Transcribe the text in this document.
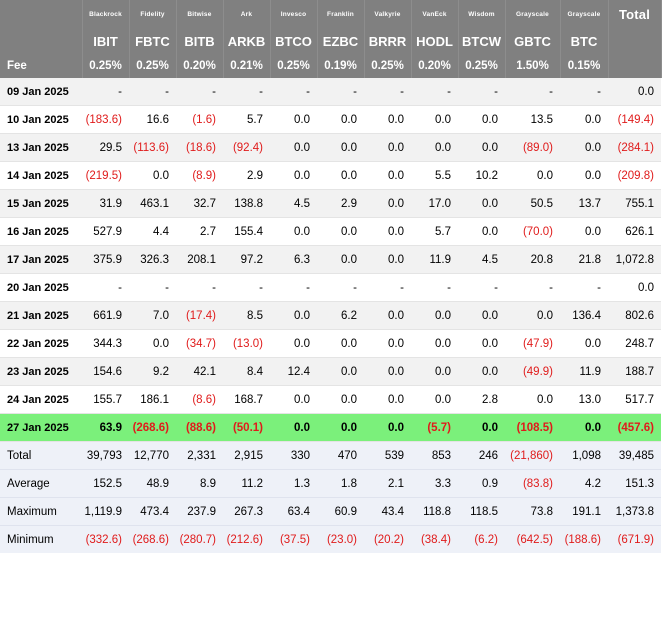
	Blackrock	Fidelity	Bitwise	Ark	Invesco	Franklin	Valkyrie	VanEck	Wisdom	Grayscale	Grayscale	Total
	IBIT	FBTC	BITB	ARKB	BTCO	EZBC	BRRR	HODL	BTCW	GBTC	BTC	
Fee	0.25%	0.25%	0.20%	0.21%	0.25%	0.19%	0.25%	0.20%	0.25%	1.50%	0.15%	
09 Jan 2025	-	-	-	-	-	-	-	-	-	-	-	0.0
10 Jan 2025	(183.6)	16.6	(1.6)	5.7	0.0	0.0	0.0	0.0	0.0	13.5	0.0	(149.4)
13 Jan 2025	29.5	(113.6)	(18.6)	(92.4)	0.0	0.0	0.0	0.0	0.0	(89.0)	0.0	(284.1)
14 Jan 2025	(219.5)	0.0	(8.9)	2.9	0.0	0.0	0.0	5.5	10.2	0.0	0.0	(209.8)
15 Jan 2025	31.9	463.1	32.7	138.8	4.5	2.9	0.0	17.0	0.0	50.5	13.7	755.1
16 Jan 2025	527.9	4.4	2.7	155.4	0.0	0.0	0.0	5.7	0.0	(70.0)	0.0	626.1
17 Jan 2025	375.9	326.3	208.1	97.2	6.3	0.0	0.0	11.9	4.5	20.8	21.8	1,072.8
20 Jan 2025	-	-	-	-	-	-	-	-	-	-	-	0.0
21 Jan 2025	661.9	7.0	(17.4)	8.5	0.0	6.2	0.0	0.0	0.0	0.0	136.4	802.6
22 Jan 2025	344.3	0.0	(34.7)	(13.0)	0.0	0.0	0.0	0.0	0.0	(47.9)	0.0	248.7
23 Jan 2025	154.6	9.2	42.1	8.4	12.4	0.0	0.0	0.0	0.0	(49.9)	11.9	188.7
24 Jan 2025	155.7	186.1	(8.6)	168.7	0.0	0.0	0.0	0.0	2.8	0.0	13.0	517.7
27 Jan 2025	63.9	(268.6)	(88.6)	(50.1)	0.0	0.0	0.0	(5.7)	0.0	(108.5)	0.0	(457.6)
Total	39,793	12,770	2,331	2,915	330	470	539	853	246	(21,860)	1,098	39,485
Average	152.5	48.9	8.9	11.2	1.3	1.8	2.1	3.3	0.9	(83.8)	4.2	151.3
Maximum	1,119.9	473.4	237.9	267.3	63.4	60.9	43.4	118.8	118.5	73.8	191.1	1,373.8
Minimum	(332.6)	(268.6)	(280.7)	(212.6)	(37.5)	(23.0)	(20.2)	(38.4)	(6.2)	(642.5)	(188.6)	(671.9)
